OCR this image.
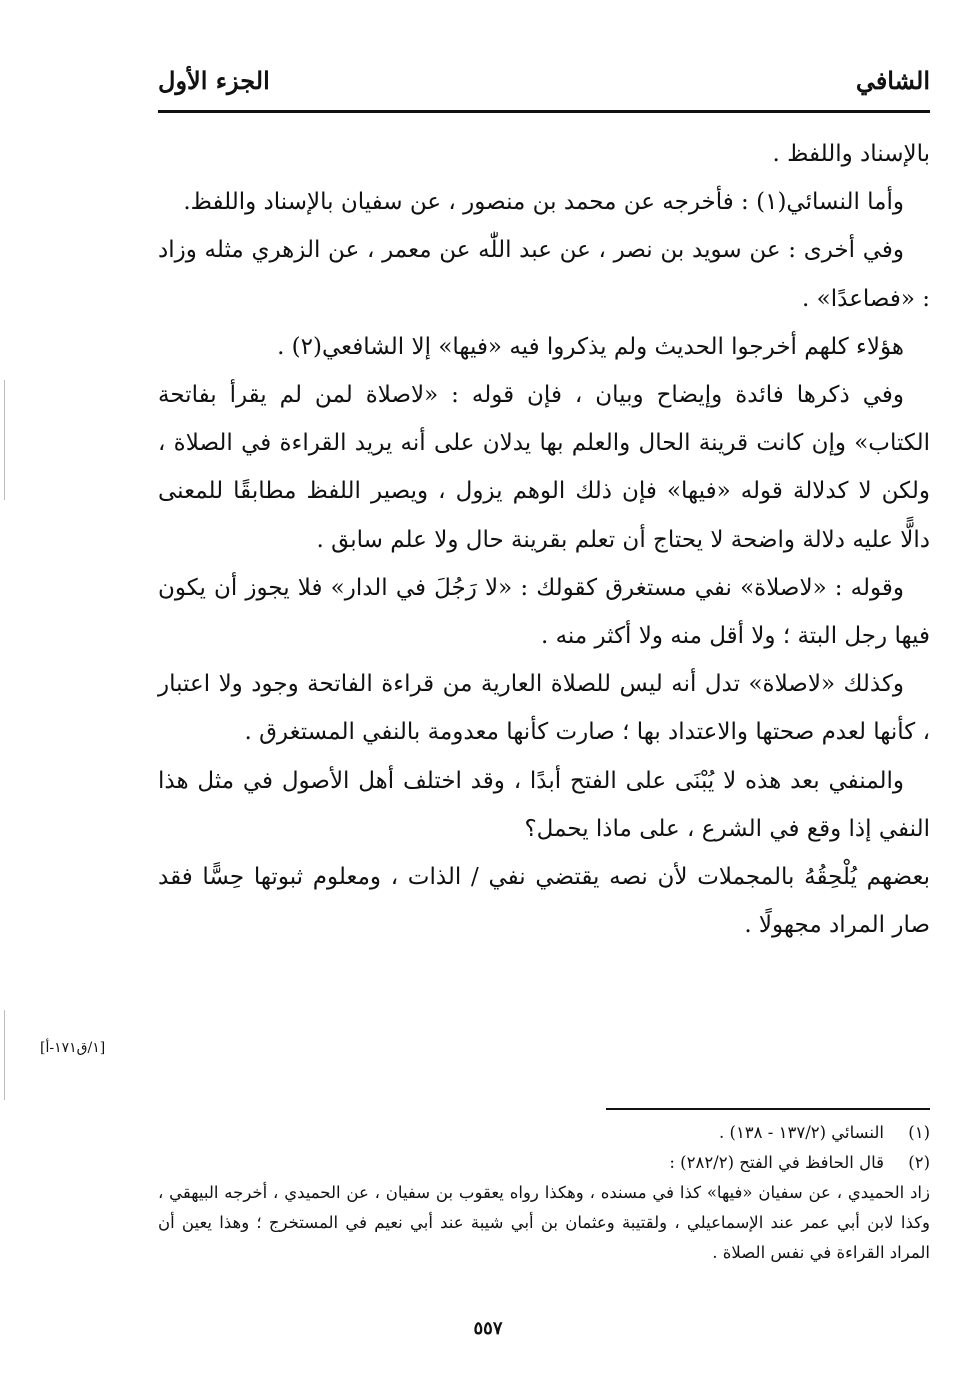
الشافي
الجزء الأول

بالإسناد واللفظ .

وأما النسائي(١) : فأخرجه عن محمد بن منصور ، عن سفيان بالإسناد واللفظ.

وفي أخرى : عن سويد بن نصر ، عن عبد اللّٰه عن معمر ، عن الزهري مثله وزاد : «فصاعدًا» .

هؤلاء كلهم أخرجوا الحديث ولم يذكروا فيه «فيها» إلا الشافعي(٢) .

وفي ذكرها فائدة وإيضاح وبيان ، فإن قوله : «لاصلاة لمن لم يقرأ بفاتحة الكتاب» وإن كانت قرينة الحال والعلم بها يدلان على أنه يريد القراءة في الصلاة ، ولكن لا كدلالة قوله «فيها» فإن ذلك الوهم يزول ، ويصير اللفظ مطابقًا للمعنى دالًّا عليه دلالة واضحة لا يحتاج أن تعلم بقرينة حال ولا علم سابق .

وقوله : «لاصلاة» نفي مستغرق كقولك : «لا رَجُلَ في الدار» فلا يجوز أن يكون فيها رجل البتة ؛ ولا أقل منه ولا أكثر منه .

وكذلك «لاصلاة» تدل أنه ليس للصلاة العارية من قراءة الفاتحة وجود ولا اعتبار ، كأنها لعدم صحتها والاعتداد بها ؛ صارت كأنها معدومة بالنفي المستغرق .

والمنفي بعد هذه لا يُبْنَى على الفتح أبدًا ، وقد اختلف أهل الأصول في مثل هذا النفي إذا وقع في الشرع ، على ماذا يحمل؟

بعضهم يُلْحِقُهُ بالمجملات لأن نصه يقتضي نفي / الذات ، ومعلوم ثبوتها حِسًّا فقد صار المراد مجهولًا .

[١/ق١٧١-أ]
(١)
النسائي (١٣٧/٢ - ١٣٨) .
(٢)
قال الحافظ في الفتح (٢٨٢/٢) :

زاد الحميدي ، عن سفيان «فيها» كذا في مسنده ، وهكذا رواه يعقوب بن سفيان ، عن الحميدي ، أخرجه البيهقي ، وكذا لابن أبي عمر عند الإسماعيلي ، ولقتيبة وعثمان بن أبي شيبة عند أبي نعيم في المستخرج ؛ وهذا يعين أن المراد القراءة في نفس الصلاة .

٥٥٧
